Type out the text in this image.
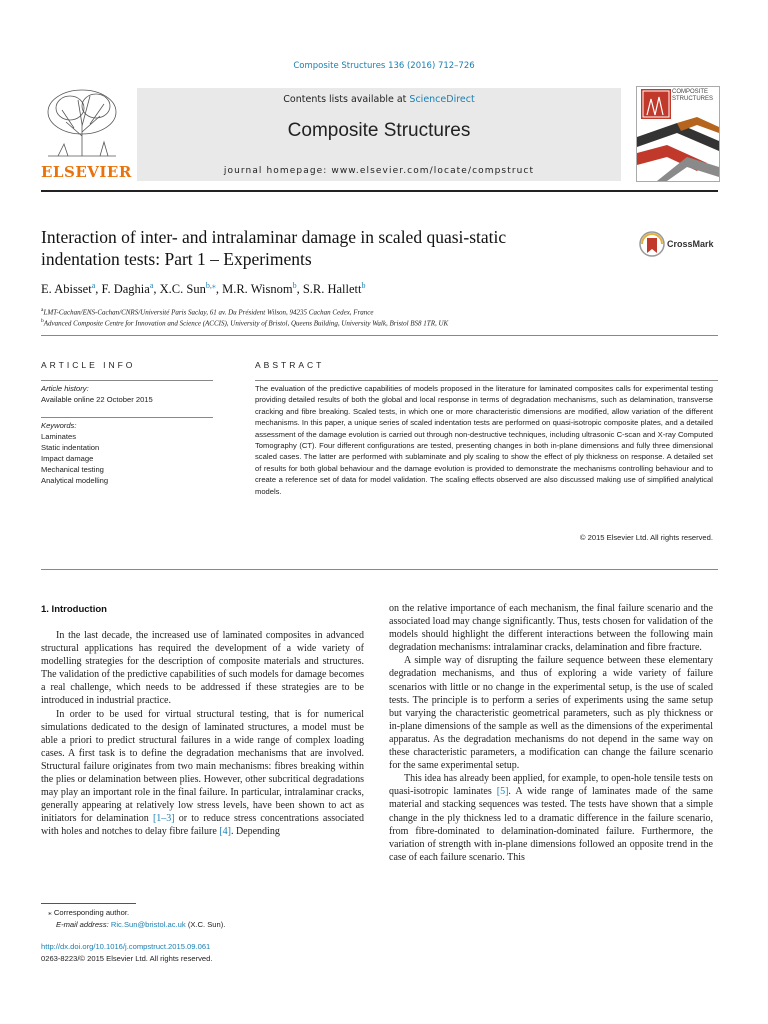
Composite Structures 136 (2016) 712–726
ELSEVIER
Contents lists available at ScienceDirect
Composite Structures
journal homepage: www.elsevier.com/locate/compstruct
COMPOSITE
STRUCTURES
Interaction of inter- and intralaminar damage in scaled quasi-static
indentation tests: Part 1 – Experiments
CrossMark
E. Abisset$^a$, F. Daghia$^a$, X.C. Sun$^{b,⁎}$, M.R. Wisnom$^b$, S.R. Hallett$^b$
$^a$LMT-Cachan/ENS-Cachan/CNRS/Université Paris Saclay, 61 av. Du Président Wilson, 94235 Cachan Cedex, France
$^b$Advanced Composite Centre for Innovation and Science (ACCIS), University of Bristol, Queens Building, University Walk, Bristol BS8 1TR, UK
ARTICLE INFO
Article history:
Available online 22 October 2015
Keywords:
Laminates
Static indentation
Impact damage
Mechanical testing
Analytical modelling
ABSTRACT
The evaluation of the predictive capabilities of models proposed in the literature for laminated composites calls for experimental testing providing detailed results of both the global and local response in terms of degradation mechanisms, such as delamination, transverse cracking and fibre breaking. Scaled tests, in which one or more characteristic dimensions are modified, allow variation of the different mechanisms. In this paper, a unique series of scaled indentation tests are performed on quasi-isotropic composite plates, and a detailed assessment of the damage evolution is carried out through non-destructive techniques, including ultrasonic C-scan and X-ray Computed Tomography (CT). Four different configurations are tested, presenting changes in both in-plane dimensions and fully three dimensional scaled cases. The latter are performed with sublaminate and ply scaling to show the effect of ply thickness on response. A detailed set of results for both global behaviour and the damage evolution is provided to demonstrate the mechanisms controlling behaviour and to create a reference set of data for model validation. The scaling effects observed are also discussed making use of simplified analytical models.
© 2015 Elsevier Ltd. All rights reserved.
1. Introduction

In the last decade, the increased use of laminated composites in advanced structural applications has required the development of a wide variety of modelling strategies for the description of composite materials and structures. The validation of the predictive capabilities of such models for damage becomes a real challenge, which needs to be addressed if these strategies are to be introduced in industrial practice.

In order to be used for virtual structural testing, that is for numerical simulations dedicated to the design of laminated structures, a model must be able a priori to predict structural failures in a wide range of complex loading cases. A first task is to define the degradation mechanisms that are involved. Structural failure originates from two main mechanisms: fibres breaking within the plies or delamination between plies. However, other subcritical degradations may play an important role in the final failure. In particular, intralaminar cracks, generally appearing at relatively low stress levels, have been shown to act as initiators for delamination [1–3] or to reduce stress concentrations associated with holes and notches to delay fibre failure [4]. Depending

on the relative importance of each mechanism, the final failure scenario and the associated load may change significantly. Thus, tests chosen for validation of the models should highlight the different interactions between the following main degradation mechanisms: intralaminar cracks, delamination and fibre fracture.

A simple way of disrupting the failure sequence between these elementary degradation mechanisms, and thus of exploring a wide variety of failure scenarios with little or no change in the experimental setup, is the use of scaled tests. The principle is to perform a series of experiments using the same setup but varying the characteristic geometrical parameters, such as ply thickness or in-plane dimensions of the sample as well as the dimensions of the experimental apparatus. As the degradation mechanisms do not depend in the same way on these characteristic parameters, a modification can change the failure scenario for the same experimental setup.

This idea has already been applied, for example, to open-hole tensile tests on quasi-isotropic laminates [5]. A wide range of laminates made of the same material and stacking sequences was tested. The tests have shown that a simple change in the ply thickness led to a dramatic difference in the failure scenario, from fibre-dominated to delamination-dominated failure. Furthermore, the variation of strength with in-plane dimensions followed an opposite trend in the case of each failure scenario. This

⁎ Corresponding author.
E-mail address: Ric.Sun@bristol.ac.uk (X.C. Sun).
http://dx.doi.org/10.1016/j.compstruct.2015.09.061
0263-8223/© 2015 Elsevier Ltd. All rights reserved.
